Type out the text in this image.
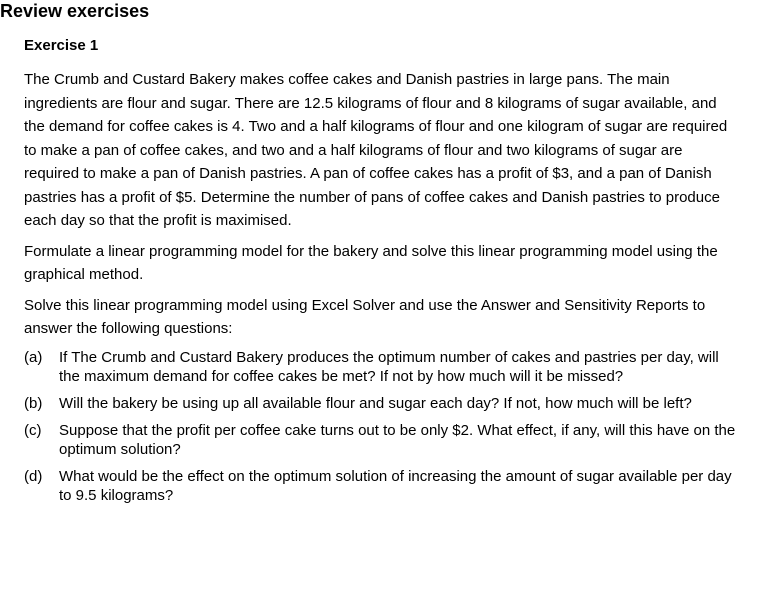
Review exercises
Exercise 1

The Crumb and Custard Bakery makes coffee cakes and Danish pastries in large pans. The main ingredients are flour and sugar. There are 12.5 kilograms of flour and 8 kilograms of sugar available, and the demand for coffee cakes is 4. Two and a half kilograms of flour and one kilogram of sugar are required to make a pan of coffee cakes, and two and a half kilograms of flour and two kilograms of sugar are required to make a pan of Danish pastries. A pan of coffee cakes has a profit of $3, and a pan of Danish pastries has a profit of $5. Determine the number of pans of coffee cakes and Danish pastries to produce each day so that the profit is maximised.

Formulate a linear programming model for the bakery and solve this linear programming model using the graphical method.

Solve this linear programming model using Excel Solver and use the Answer and Sensitivity Reports to answer the following questions:

(a)	If The Crumb and Custard Bakery produces the optimum number of cakes and pastries per day, will the maximum demand for coffee cakes be met? If not by how much will it be missed?
(b)	Will the bakery be using up all available flour and sugar each day? If not, how much will be left?
(c)	Suppose that the profit per coffee cake turns out to be only $2. What effect, if any, will this have on the optimum solution?
(d)	What would be the effect on the optimum solution of increasing the amount of sugar available per day to 9.5 kilograms?
